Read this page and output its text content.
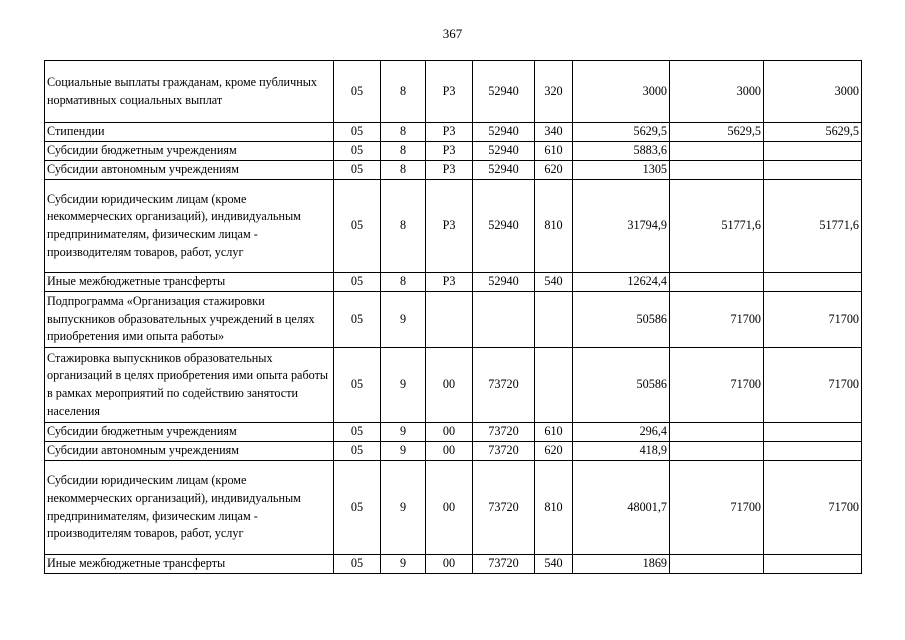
367
Социальные выплаты гражданам, кроме публичных нормативных социальных выплат	05	8	Р3	52940	320	3000	3000	3000
Стипендии	05	8	Р3	52940	340	5629,5	5629,5	5629,5
Субсидии бюджетным учреждениям	05	8	Р3	52940	610	5883,6		
Субсидии автономным учреждениям	05	8	Р3	52940	620	1305		
Субсидии юридическим лицам (кроме некоммерческих организаций), индивидуальным предпринимателям, физическим лицам - производителям товаров, работ, услуг	05	8	Р3	52940	810	31794,9	51771,6	51771,6
Иные межбюджетные трансферты	05	8	Р3	52940	540	12624,4		
Подпрограмма «Организация стажировки выпускников образовательных учреждений в целях приобретения ими опыта работы»	05	9				50586	71700	71700
Стажировка выпускников образовательных организаций в целях приобретения ими опыта работы в рамках мероприятий по содействию занятости населения	05	9	00	73720		50586	71700	71700
Субсидии бюджетным учреждениям	05	9	00	73720	610	296,4		
Субсидии автономным учреждениям	05	9	00	73720	620	418,9		
Субсидии юридическим лицам (кроме некоммерческих организаций), индивидуальным предпринимателям, физическим лицам - производителям товаров, работ, услуг	05	9	00	73720	810	48001,7	71700	71700
Иные межбюджетные трансферты	05	9	00	73720	540	1869		
